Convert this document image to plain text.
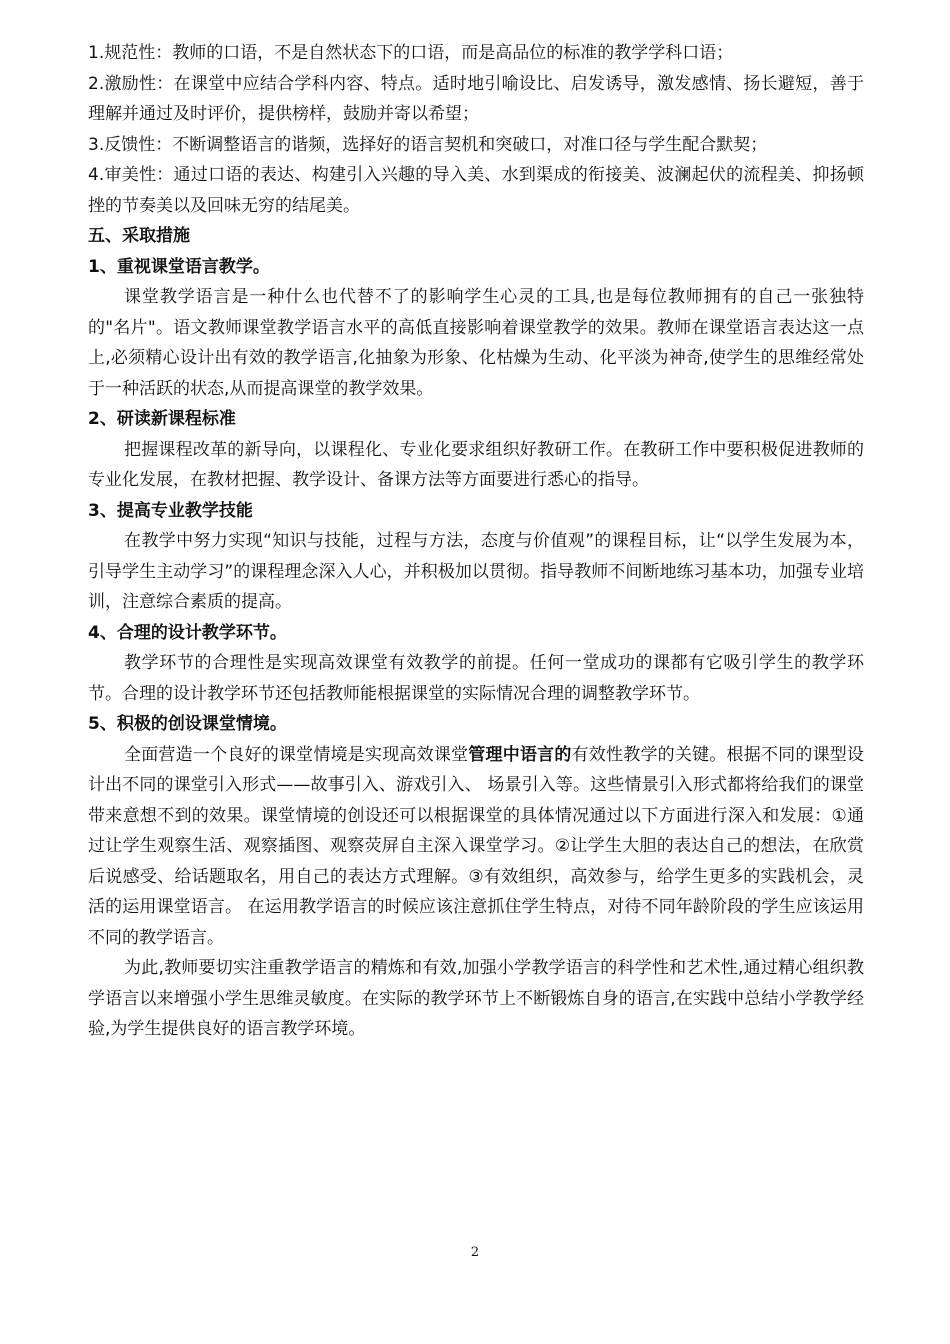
1.规范性：教师的口语，不是自然状态下的口语，而是高品位的标准的教学学科口语；

2.激励性：在课堂中应结合学科内容、特点。适时地引喻设比、启发诱导，激发感情、扬长避短，善于理解并通过及时评价，提供榜样，鼓励并寄以希望；

3.反馈性：不断调整语言的谐频，选择好的语言契机和突破口，对准口径与学生配合默契；

4.审美性：通过口语的表达、构建引入兴趣的导入美、水到渠成的衔接美、波澜起伏的流程美、抑扬顿挫的节奏美以及回味无穷的结尾美。

五、采取措施

1、重视课堂语言教学。

课堂教学语言是一种什么也代替不了的影响学生心灵的工具,也是每位教师拥有的自己一张独特的"名片"。语文教师课堂教学语言水平的高低直接影响着课堂教学的效果。教师在课堂语言表达这一点上,必须精心设计出有效的教学语言,化抽象为形象、化枯燥为生动、化平淡为神奇,使学生的思维经常处于一种活跃的状态,从而提高课堂的教学效果。

2、研读新课程标准

把握课程改革的新导向，以课程化、专业化要求组织好教研工作。在教研工作中要积极促进教师的专业化发展，在教材把握、教学设计、备课方法等方面要进行悉心的指导。

3、提高专业教学技能

在教学中努力实现“知识与技能，过程与方法，态度与价值观”的课程目标，让“以学生发展为本，引导学生主动学习”的课程理念深入人心，并积极加以贯彻。指导教师不间断地练习基本功，加强专业培训，注意综合素质的提高。

4、合理的设计教学环节。

教学环节的合理性是实现高效课堂有效教学的前提。任何一堂成功的课都有它吸引学生的教学环节。合理的设计教学环节还包括教师能根据课堂的实际情况合理的调整教学环节。

5、积极的创设课堂情境。

全面营造一个良好的课堂情境是实现高效课堂管理中语言的有效性教学的关键。根据不同的课型设计出不同的课堂引入形式——故事引入、游戏引入、 场景引入等。这些情景引入形式都将给我们的课堂带来意想不到的效果。课堂情境的创设还可以根据课堂的具体情况通过以下方面进行深入和发展：①通过让学生观察生活、观察插图、观察荧屏自主深入课堂学习。②让学生大胆的表达自己的想法，在欣赏后说感受、给话题取名，用自己的表达方式理解。③有效组织，高效参与，给学生更多的实践机会，灵活的运用课堂语言。 在运用教学语言的时候应该注意抓住学生特点，对待不同年龄阶段的学生应该运用不同的教学语言。

为此,教师要切实注重教学语言的精炼和有效,加强小学教学语言的科学性和艺术性,通过精心组织教学语言以来增强小学生思维灵敏度。在实际的教学环节上不断锻炼自身的语言,在实践中总结小学教学经验,为学生提供良好的语言教学环境。

2
